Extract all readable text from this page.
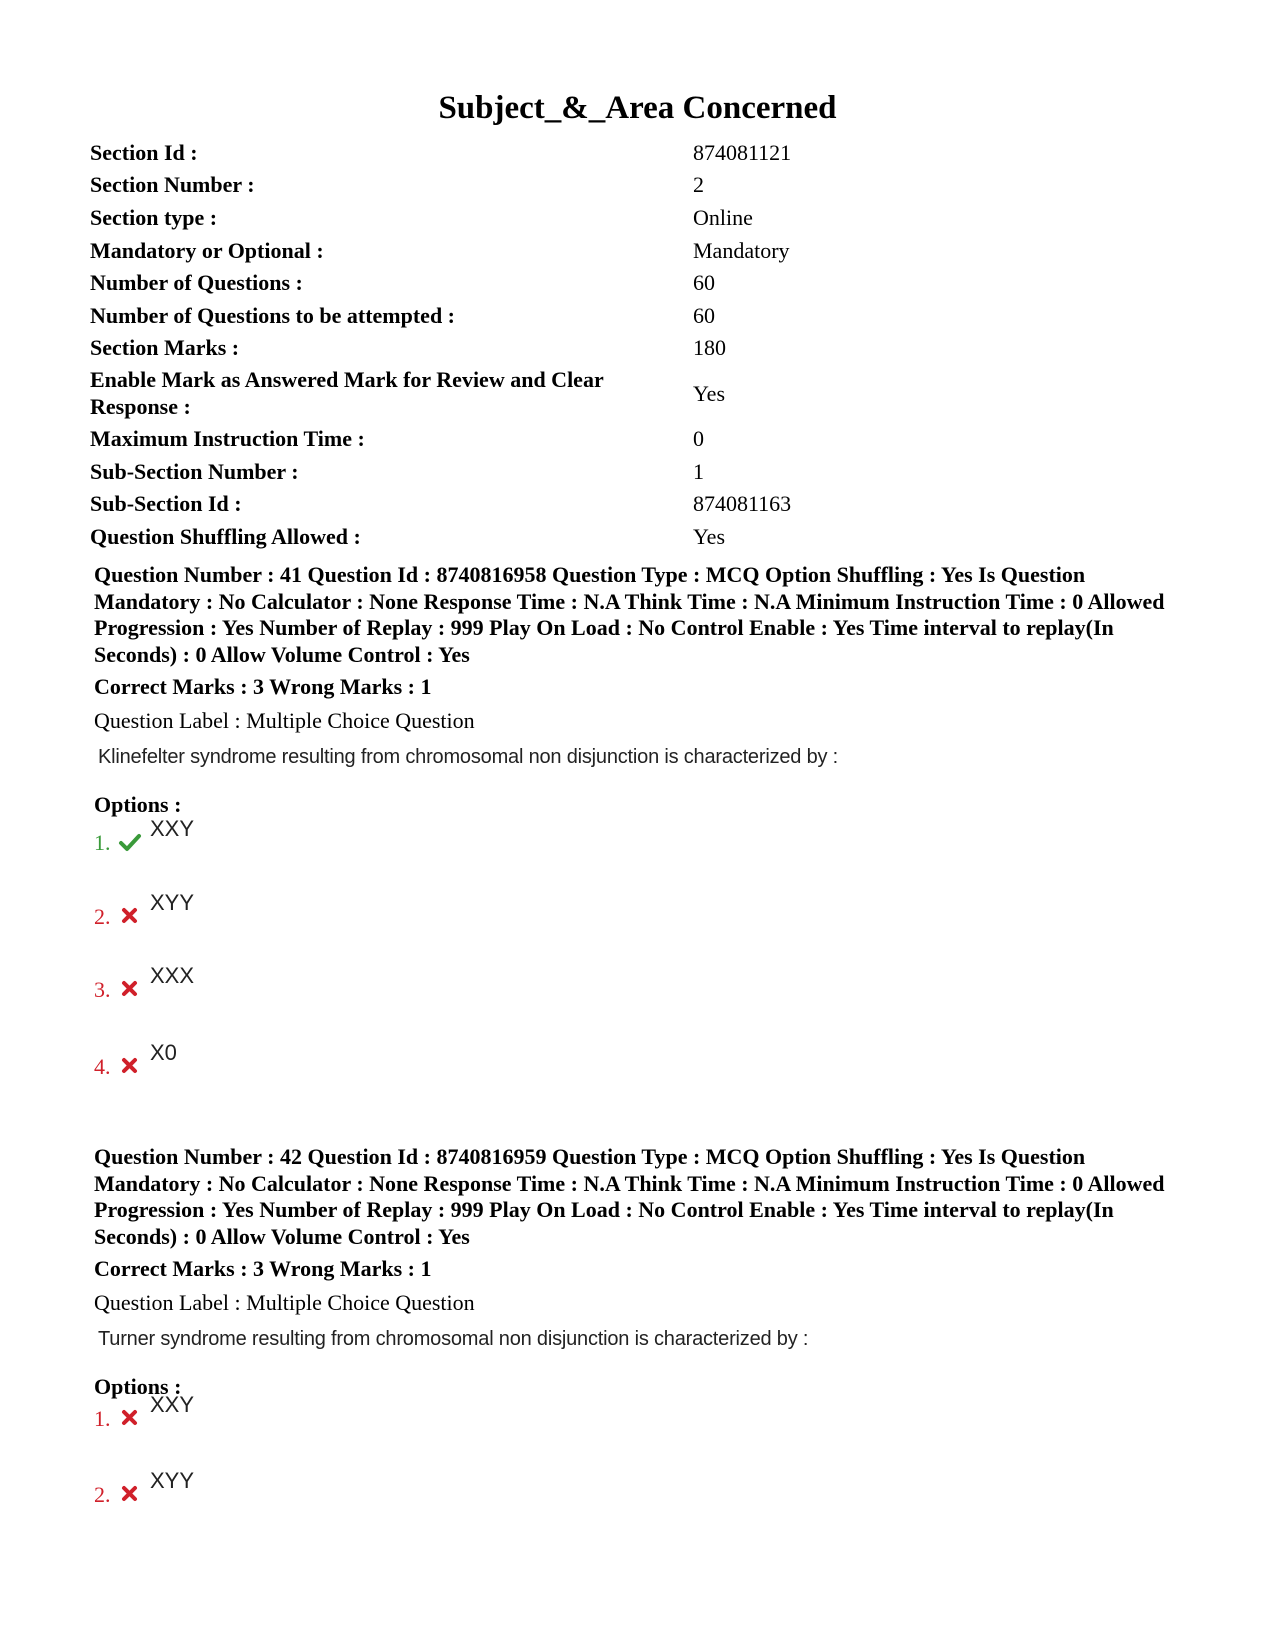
Subject_&_Area Concerned
Section Id :	874081121
Section Number :	2
Section type :	Online
Mandatory or Optional :	Mandatory
Number of Questions :	60
Number of Questions to be attempted :	60
Section Marks :	180
Enable Mark as Answered Mark for Review and Clear Response :	Yes
Maximum Instruction Time :	0
Sub-Section Number :	1
Sub-Section Id :	874081163
Question Shuffling Allowed :	Yes

Question Number : 41 Question Id : 8740816958 Question Type : MCQ Option Shuffling : Yes Is Question Mandatory : No Calculator : None Response Time : N.A Think Time : N.A Minimum Instruction Time : 0 Allowed Progression : Yes Number of Replay : 999 Play On Load : No Control Enable : Yes Time interval to replay(In Seconds) : 0 Allow Volume Control : Yes

Correct Marks : 3 Wrong Marks : 1

Question Label : Multiple Choice Question

Klinefelter syndrome resulting from chromosomal non disjunction is characterized by :

Options :

1.
XXY
2.
XYY
3.
XXX
4.
X0

Question Number : 42 Question Id : 8740816959 Question Type : MCQ Option Shuffling : Yes Is Question Mandatory : No Calculator : None Response Time : N.A Think Time : N.A Minimum Instruction Time : 0 Allowed Progression : Yes Number of Replay : 999 Play On Load : No Control Enable : Yes Time interval to replay(In Seconds) : 0 Allow Volume Control : Yes

Correct Marks : 3 Wrong Marks : 1

Question Label : Multiple Choice Question

Turner syndrome resulting from chromosomal non disjunction is characterized by :

Options :

1.
XXY
2.
XYY
